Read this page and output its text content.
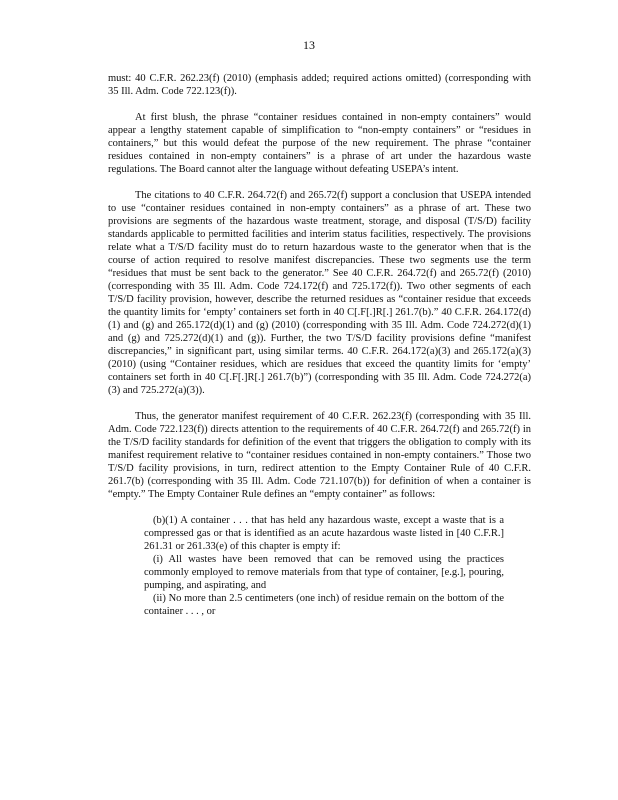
13

must: 40 C.F.R. 262.23(f) (2010) (emphasis added; required actions omitted) (corresponding with 35 Ill. Adm. Code 722.123(f)).

At first blush, the phrase “container residues contained in non-empty containers” would appear a lengthy statement capable of simplification to “non-empty containers” or “residues in containers,” but this would defeat the purpose of the new requirement. The phrase “container residues contained in non-empty containers” is a phrase of art under the hazardous waste regulations. The Board cannot alter the language without defeating USEPA’s intent.

The citations to 40 C.F.R. 264.72(f) and 265.72(f) support a conclusion that USEPA intended to use “container residues contained in non-empty containers” as a phrase of art. These two provisions are segments of the hazardous waste treatment, storage, and disposal (T/S/D) facility standards applicable to permitted facilities and interim status facilities, respectively. The provisions relate what a T/S/D facility must do to return hazardous waste to the generator when that is the course of action required to resolve manifest discrepancies. These two segments use the term “residues that must be sent back to the generator.” See 40 C.F.R. 264.72(f) and 265.72(f) (2010) (corresponding with 35 Ill. Adm. Code 724.172(f) and 725.172(f)). Two other segments of each T/S/D facility provision, however, describe the returned residues as “container residue that exceeds the quantity limits for ‘empty’ containers set forth in 40 C[.F[.]R[.] 261.7(b).” 40 C.F.R. 264.172(d)(1) and (g) and 265.172(d)(1) and (g) (2010) (corresponding with 35 Ill. Adm. Code 724.272(d)(1) and (g) and 725.272(d)(1) and (g)). Further, the two T/S/D facility provisions define “manifest discrepancies,” in significant part, using similar terms. 40 C.F.R. 264.172(a)(3) and 265.172(a)(3) (2010) (using “Container residues, which are residues that exceed the quantity limits for ‘empty’ containers set forth in 40 C[.F[.]R[.] 261.7(b)”) (corresponding with 35 Ill. Adm. Code 724.272(a)(3) and 725.272(a)(3)).

Thus, the generator manifest requirement of 40 C.F.R. 262.23(f) (corresponding with 35 Ill. Adm. Code 722.123(f)) directs attention to the requirements of 40 C.F.R. 264.72(f) and 265.72(f) in the T/S/D facility standards for definition of the event that triggers the obligation to comply with its manifest requirement relative to “container residues contained in non-empty containers.” Those two T/S/D facility provisions, in turn, redirect attention to the Empty Container Rule of 40 C.F.R. 261.7(b) (corresponding with 35 Ill. Adm. Code 721.107(b)) for definition of when a container is “empty.” The Empty Container Rule defines an “empty container” as follows:

(b)(1) A container . . . that has held any hazardous waste, except a waste that is a compressed gas or that is identified as an acute hazardous waste listed in [40 C.F.R.] 261.31 or 261.33(e) of this chapter is empty if:

(i) All wastes have been removed that can be removed using the practices commonly employed to remove materials from that type of container, [e.g.], pouring, pumping, and aspirating, and

(ii) No more than 2.5 centimeters (one inch) of residue remain on the bottom of the container . . . , or
